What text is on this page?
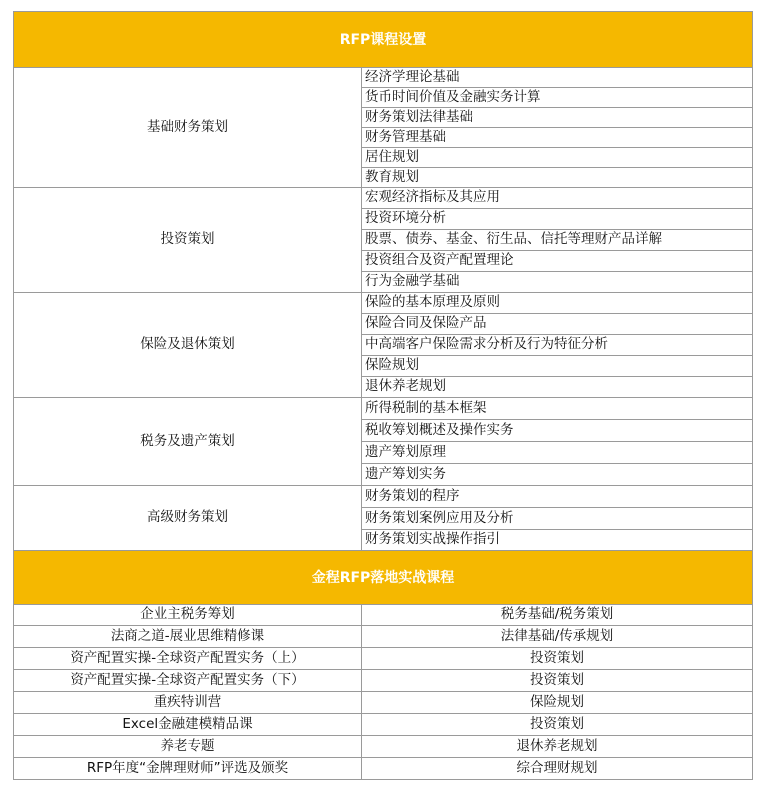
RFP课程设置	
基础财务策划	经济学理论基础
	货币时间价值及金融实务计算
	财务策划法律基础
	财务管理基础
	居住规划
	教育规划
投资策划	宏观经济指标及其应用
	投资环境分析
	股票、债券、基金、衍生品、信托等理财产品详解
	投资组合及资产配置理论
	行为金融学基础
保险及退休策划	保险的基本原理及原则
	保险合同及保险产品
	中高端客户保险需求分析及行为特征分析
	保险规划
	退休养老规划
税务及遗产策划	所得税制的基本框架
	税收筹划概述及操作实务
	遗产筹划原理
	遗产筹划实务
高级财务策划	财务策划的程序
	财务策划案例应用及分析
	财务策划实战操作指引
金程RFP落地实战课程	
企业主税务筹划	税务基础/税务策划
法商之道-展业思维精修课	法律基础/传承规划
资产配置实操-全球资产配置实务（上）	投资策划
资产配置实操-全球资产配置实务（下）	投资策划
重疾特训营	保险规划
Excel金融建模精品课	投资策划
养老专题	退休养老规划
RFP年度“金牌理财师”评选及颁奖	综合理财规划
